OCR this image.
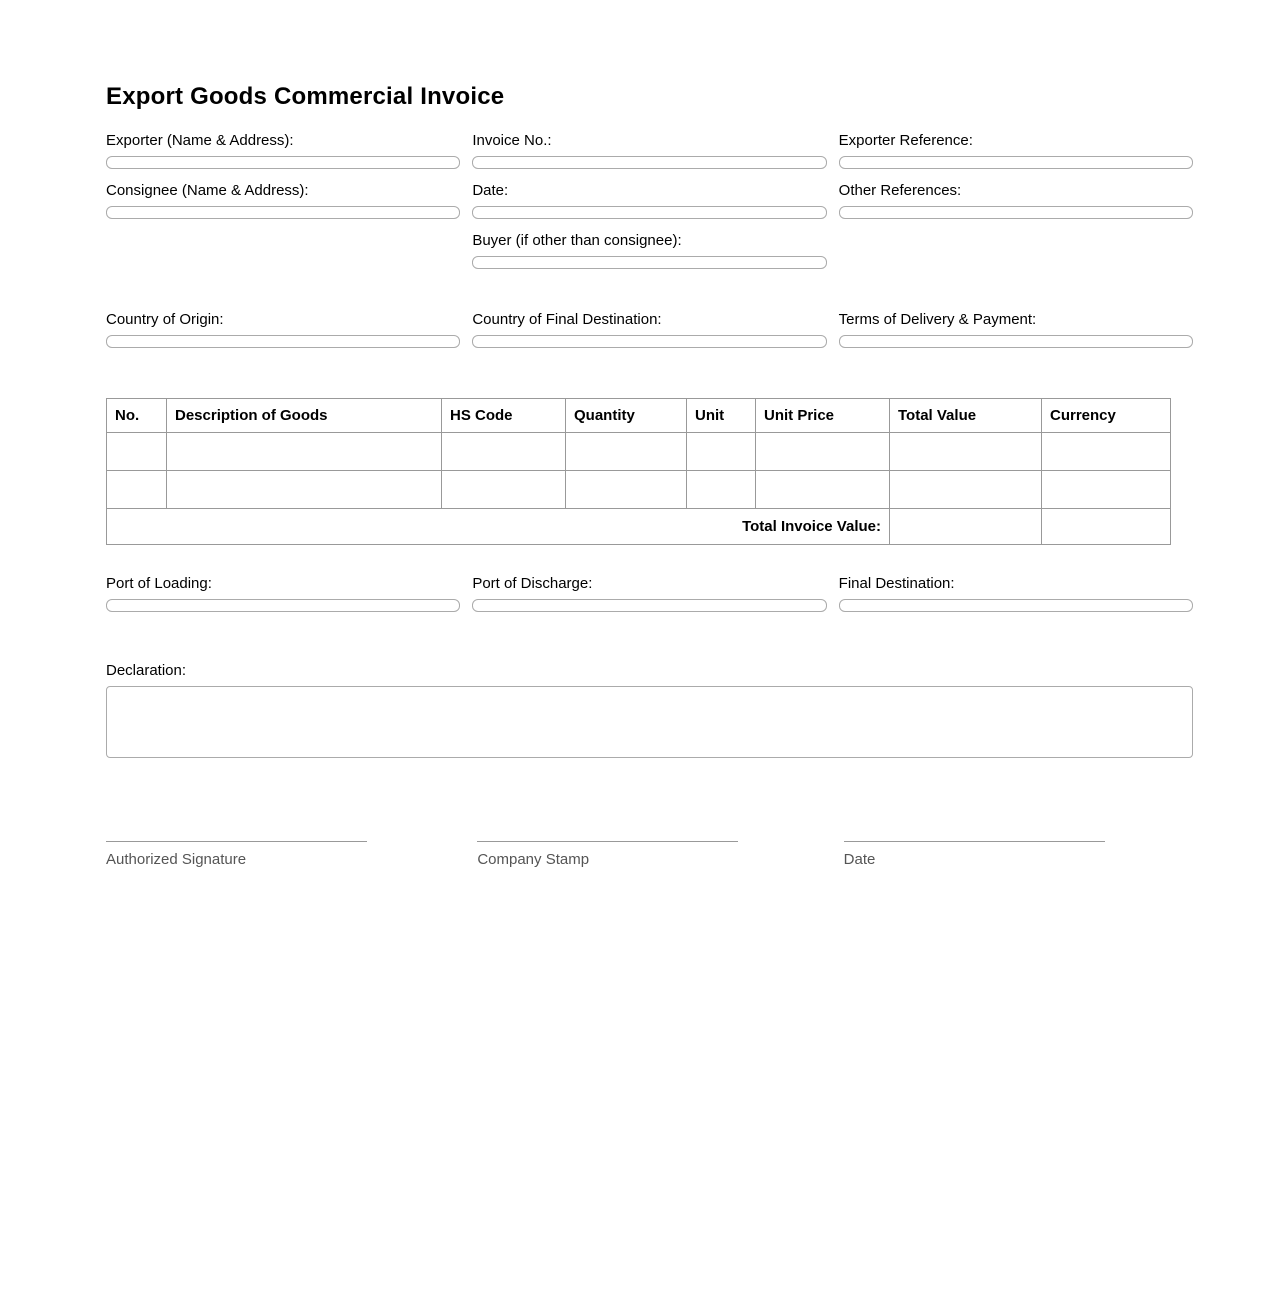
Export Goods Commercial Invoice
Exporter (Name & Address):	Invoice No.:	Exporter Reference:
Consignee (Name & Address):	Date:	Other References:
Buyer (if other than consignee):
Country of Origin:	Country of Final Destination:	Terms of Delivery & Payment:
No.	Description of Goods	HS Code	Quantity	Unit	Unit Price	Total Value	Currency

Total Invoice Value:							
Port of Loading:	Port of Discharge:	Final Destination:
Declaration:
Authorized Signature	Company Stamp	Date
